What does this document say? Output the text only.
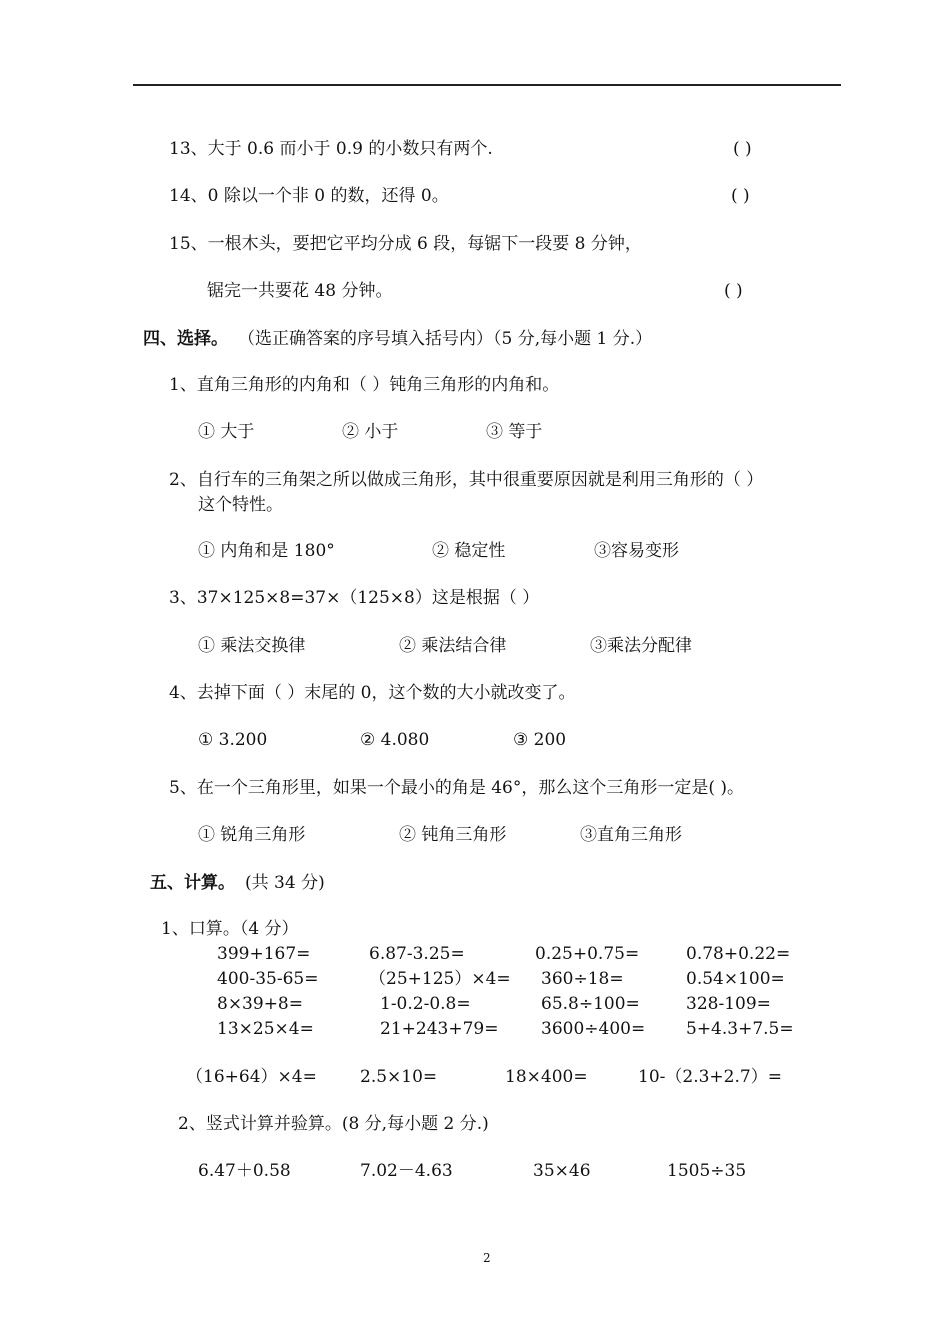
13、大于 0.6 而小于 0.9 的小数只有两个.	( )
14、0 除以一个非 0 的数，还得 0。	( )
15、一根木头，要把它平均分成 6 段，每锯下一段要 8 分钟，
锯完一共要花 48 分钟。	( )
四、选择。 （选正确答案的序号填入括号内）（5 分,每小题 1 分.）
1、直角三角形的内角和（ ）钝角三角形的内角和。
① 大于	② 小于	③ 等于
2、自行车的三角架之所以做成三角形，其中很重要原因就是利用三角形的（ ）
这个特性。
① 内角和是 180°	② 稳定性	③容易变形
3、37×125×8=37×（125×8）这是根据（ ）
① 乘法交换律	② 乘法结合律	③乘法分配律
4、去掉下面（ ）末尾的 0，这个数的大小就改变了。
① 3.200	② 4.080	③ 200
5、在一个三角形里，如果一个最小的角是 46°，那么这个三角形一定是( )。
① 锐角三角形	② 钝角三角形	③直角三角形
五、计算。 (共 34 分)
1、口算。（4 分）
399+167=	6.87-3.25=	0.25+0.75=	0.78+0.22=
400-35-65=	（25+125）×4= 360÷18=	0.54×100=
8×39+8=	1-0.2-0.8=	65.8÷100=	328-109=
13×25×4=	21+243+79=	3600÷400= 5+4.3+7.5=
（16+64）×4=	2.5×10=	18×400=	10-（2.3+2.7）=
2、竖式计算并验算。(8 分,每小题 2 分.)
6.47＋0.58	7.02－4.63	35×46	1505÷35
2
